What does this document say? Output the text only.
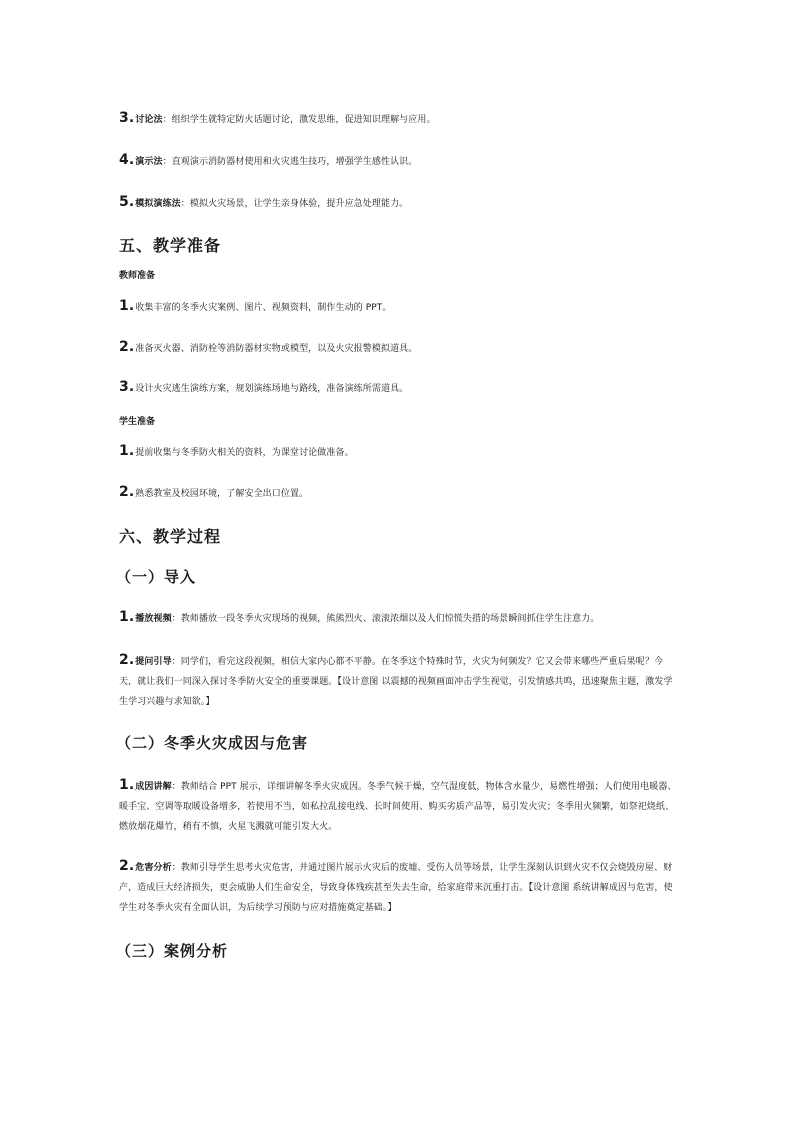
3.讨论法：组织学生就特定防火话题讨论，激发思维，促进知识理解与应用。
4.演示法：直观演示消防器材使用和火灾逃生技巧，增强学生感性认识。
5.模拟演练法：模拟火灾场景，让学生亲身体验，提升应急处理能力。
五、教学准备
教师准备
1.收集丰富的冬季火灾案例、图片、视频资料，制作生动的 PPT。
2.准备灭火器、消防栓等消防器材实物或模型，以及火灾报警模拟道具。
3.设计火灾逃生演练方案，规划演练场地与路线，准备演练所需道具。
学生准备
1.提前收集与冬季防火相关的资料，为课堂讨论做准备。
2.熟悉教室及校园环境，了解安全出口位置。
六、教学过程
（一）导入
1.播放视频：教师播放一段冬季火灾现场的视频，熊熊烈火、滚滚浓烟以及人们惊慌失措的场景瞬间抓住学生注意力。
2.提问引导：同学们，看完这段视频，相信大家内心都不平静。在冬季这个特殊时节，火灾为何频发？它又会带来哪些严重后果呢？今天，就让我们一同深入探讨冬季防火安全的重要课题。【设计意图 以震撼的视频画面冲击学生视觉，引发情感共鸣，迅速聚焦主题，激发学生学习兴趣与求知欲。】
（二）冬季火灾成因与危害
1.成因讲解：教师结合 PPT 展示，详细讲解冬季火灾成因。冬季气候干燥，空气湿度低，物体含水量少，易燃性增强；人们使用电暖器、暖手宝、空调等取暖设备增多，若使用不当，如私拉乱接电线、长时间使用、购买劣质产品等，易引发火灾；冬季用火频繁，如祭祀烧纸、燃放烟花爆竹，稍有不慎，火星飞溅就可能引发大火。
2.危害分析：教师引导学生思考火灾危害，并通过图片展示火灾后的废墟、受伤人员等场景，让学生深刻认识到火灾不仅会烧毁房屋、财产，造成巨大经济损失，更会威胁人们生命安全，导致身体残疾甚至失去生命，给家庭带来沉重打击。【设计意图 系统讲解成因与危害，使学生对冬季火灾有全面认识，为后续学习预防与应对措施奠定基础。】
（三）案例分析
